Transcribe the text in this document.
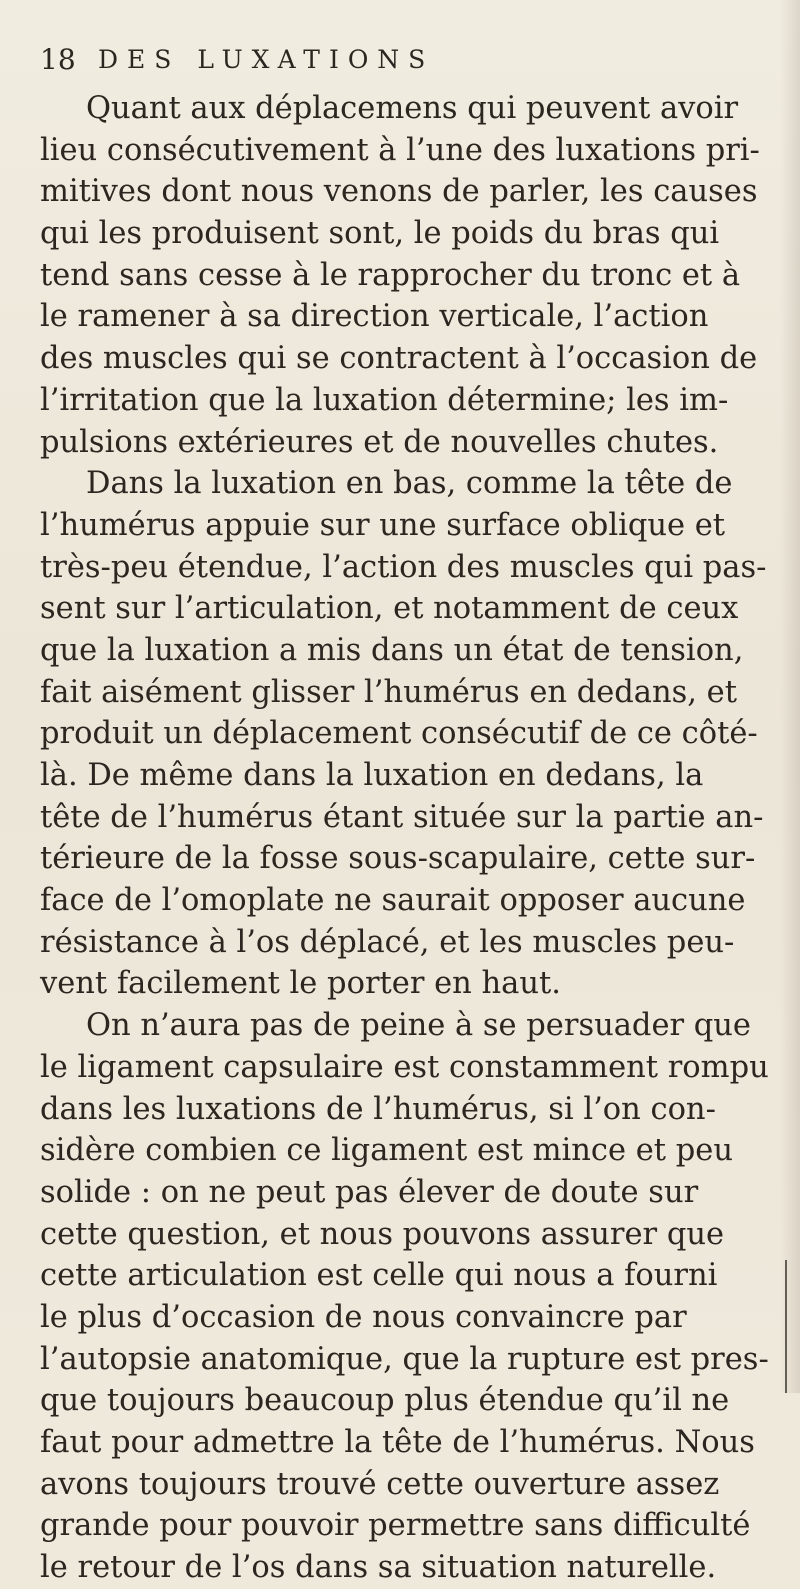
18 DES LUXATIONS
Quant aux déplacemens qui peuvent avoir
lieu consécutivement à l’une des luxations pri-
mitives dont nous venons de parler, les causes
qui les produisent sont, le poids du bras qui
tend sans cesse à le rapprocher du tronc et à
le ramener à sa direction verticale, l’action
des muscles qui se contractent à l’occasion de
l’irritation que la luxation détermine; les im-
pulsions extérieures et de nouvelles chutes.
Dans la luxation en bas, comme la tête de
l’humérus appuie sur une surface oblique et
très-peu étendue, l’action des muscles qui pas-
sent sur l’articulation, et notamment de ceux
que la luxation a mis dans un état de tension,
fait aisément glisser l’humérus en dedans, et
produit un déplacement consécutif de ce côté-
là. De même dans la luxation en dedans, la
tête de l’humérus étant située sur la partie an-
térieure de la fosse sous-scapulaire, cette sur-
face de l’omoplate ne saurait opposer aucune
résistance à l’os déplacé, et les muscles peu-
vent facilement le porter en haut.
On n’aura pas de peine à se persuader que
le ligament capsulaire est constamment rompu
dans les luxations de l’humérus, si l’on con-
sidère combien ce ligament est mince et peu
solide : on ne peut pas élever de doute sur
cette question, et nous pouvons assurer que
cette articulation est celle qui nous a fourni
le plus d’occasion de nous convaincre par
l’autopsie anatomique, que la rupture est pres-
que toujours beaucoup plus étendue qu’il ne
faut pour admettre la tête de l’humérus. Nous
avons toujours trouvé cette ouverture assez
grande pour pouvoir permettre sans difficulté
le retour de l’os dans sa situation naturelle.
